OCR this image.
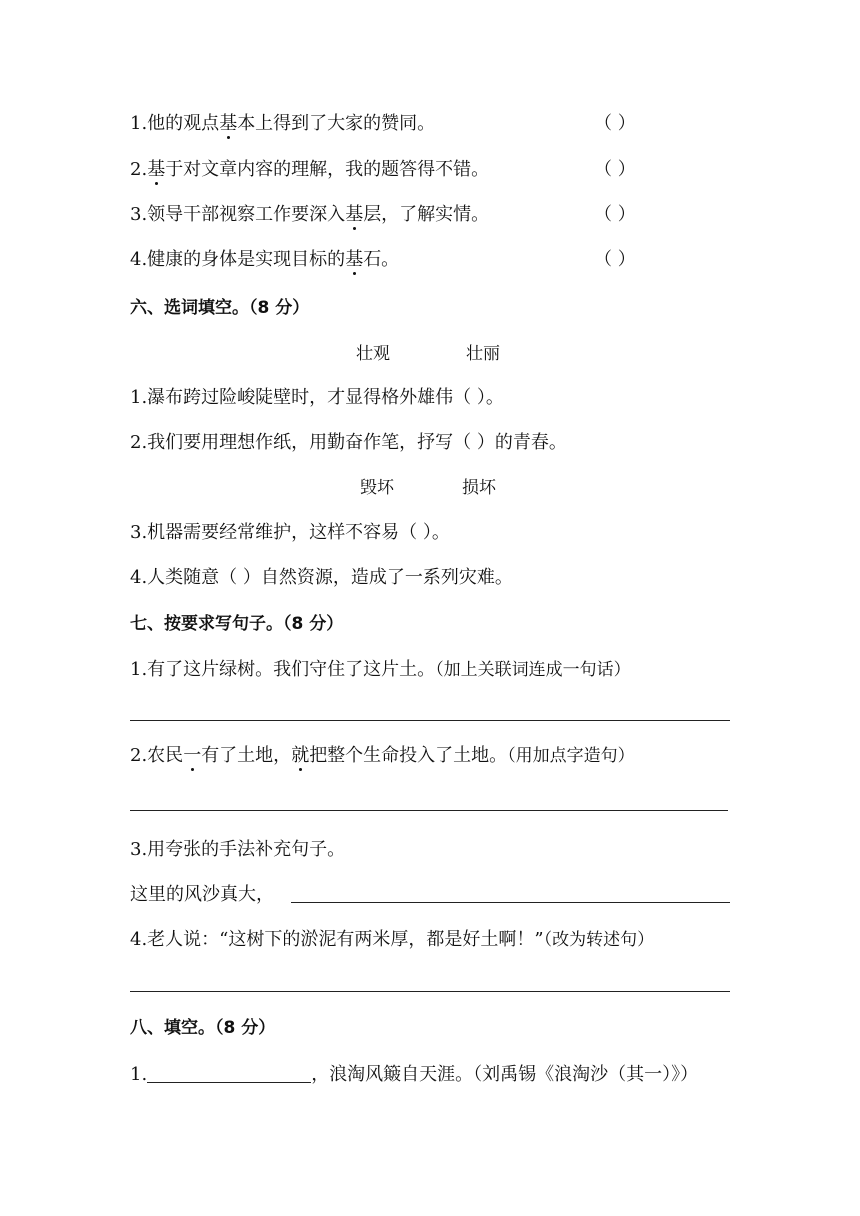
1.他的观点基本上得到了大家的赞同。	（ ）
2.基于对文章内容的理解，我的题答得不错。	（ ）
3.领导干部视察工作要深入基层，了解实情。	（ ）
4.健康的身体是实现目标的基石。	（ ）
六、选词填空。（8 分）
壮观	壮丽
1.瀑布跨过险峻陡壁时，才显得格外雄伟（ ）。
2.我们要用理想作纸，用勤奋作笔，抒写（ ）的青春。
毁坏	损坏
3.机器需要经常维护，这样不容易（ ）。
4.人类随意（ ）自然资源，造成了一系列灾难。
七、按要求写句子。（8 分）
1.有了这片绿树。我们守住了这片土。（加上关联词连成一句话）
2.农民一有了土地，就把整个生命投入了土地。（用加点字造句）
3.用夸张的手法补充句子。
这里的风沙真大，
4.老人说：“这树下的淤泥有两米厚，都是好土啊！”（改为转述句）
八、填空。（8 分）
1.	，浪淘风簸自天涯。（刘禹锡《浪淘沙（其一）》）
